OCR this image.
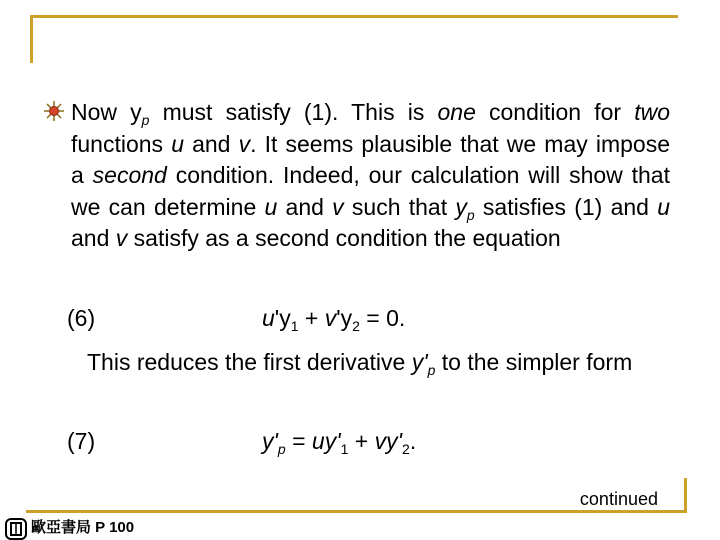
Now $y_p$ must satisfy (1). This is one condition for two functions u and v. It seems plausible that we may impose a second condition. Indeed, our calculation will show that we can determine u and v such that $y_p$ satisfies (1) and u and v satisfy as a second condition the equation
(6)	$u'y_1 + v'y_2 = 0$.
This reduces the first derivative $y'_p$ to the simpler form
(7)	$y'_p = uy'_1 + vy'_2$.
continued
歐亞書局 P 100
